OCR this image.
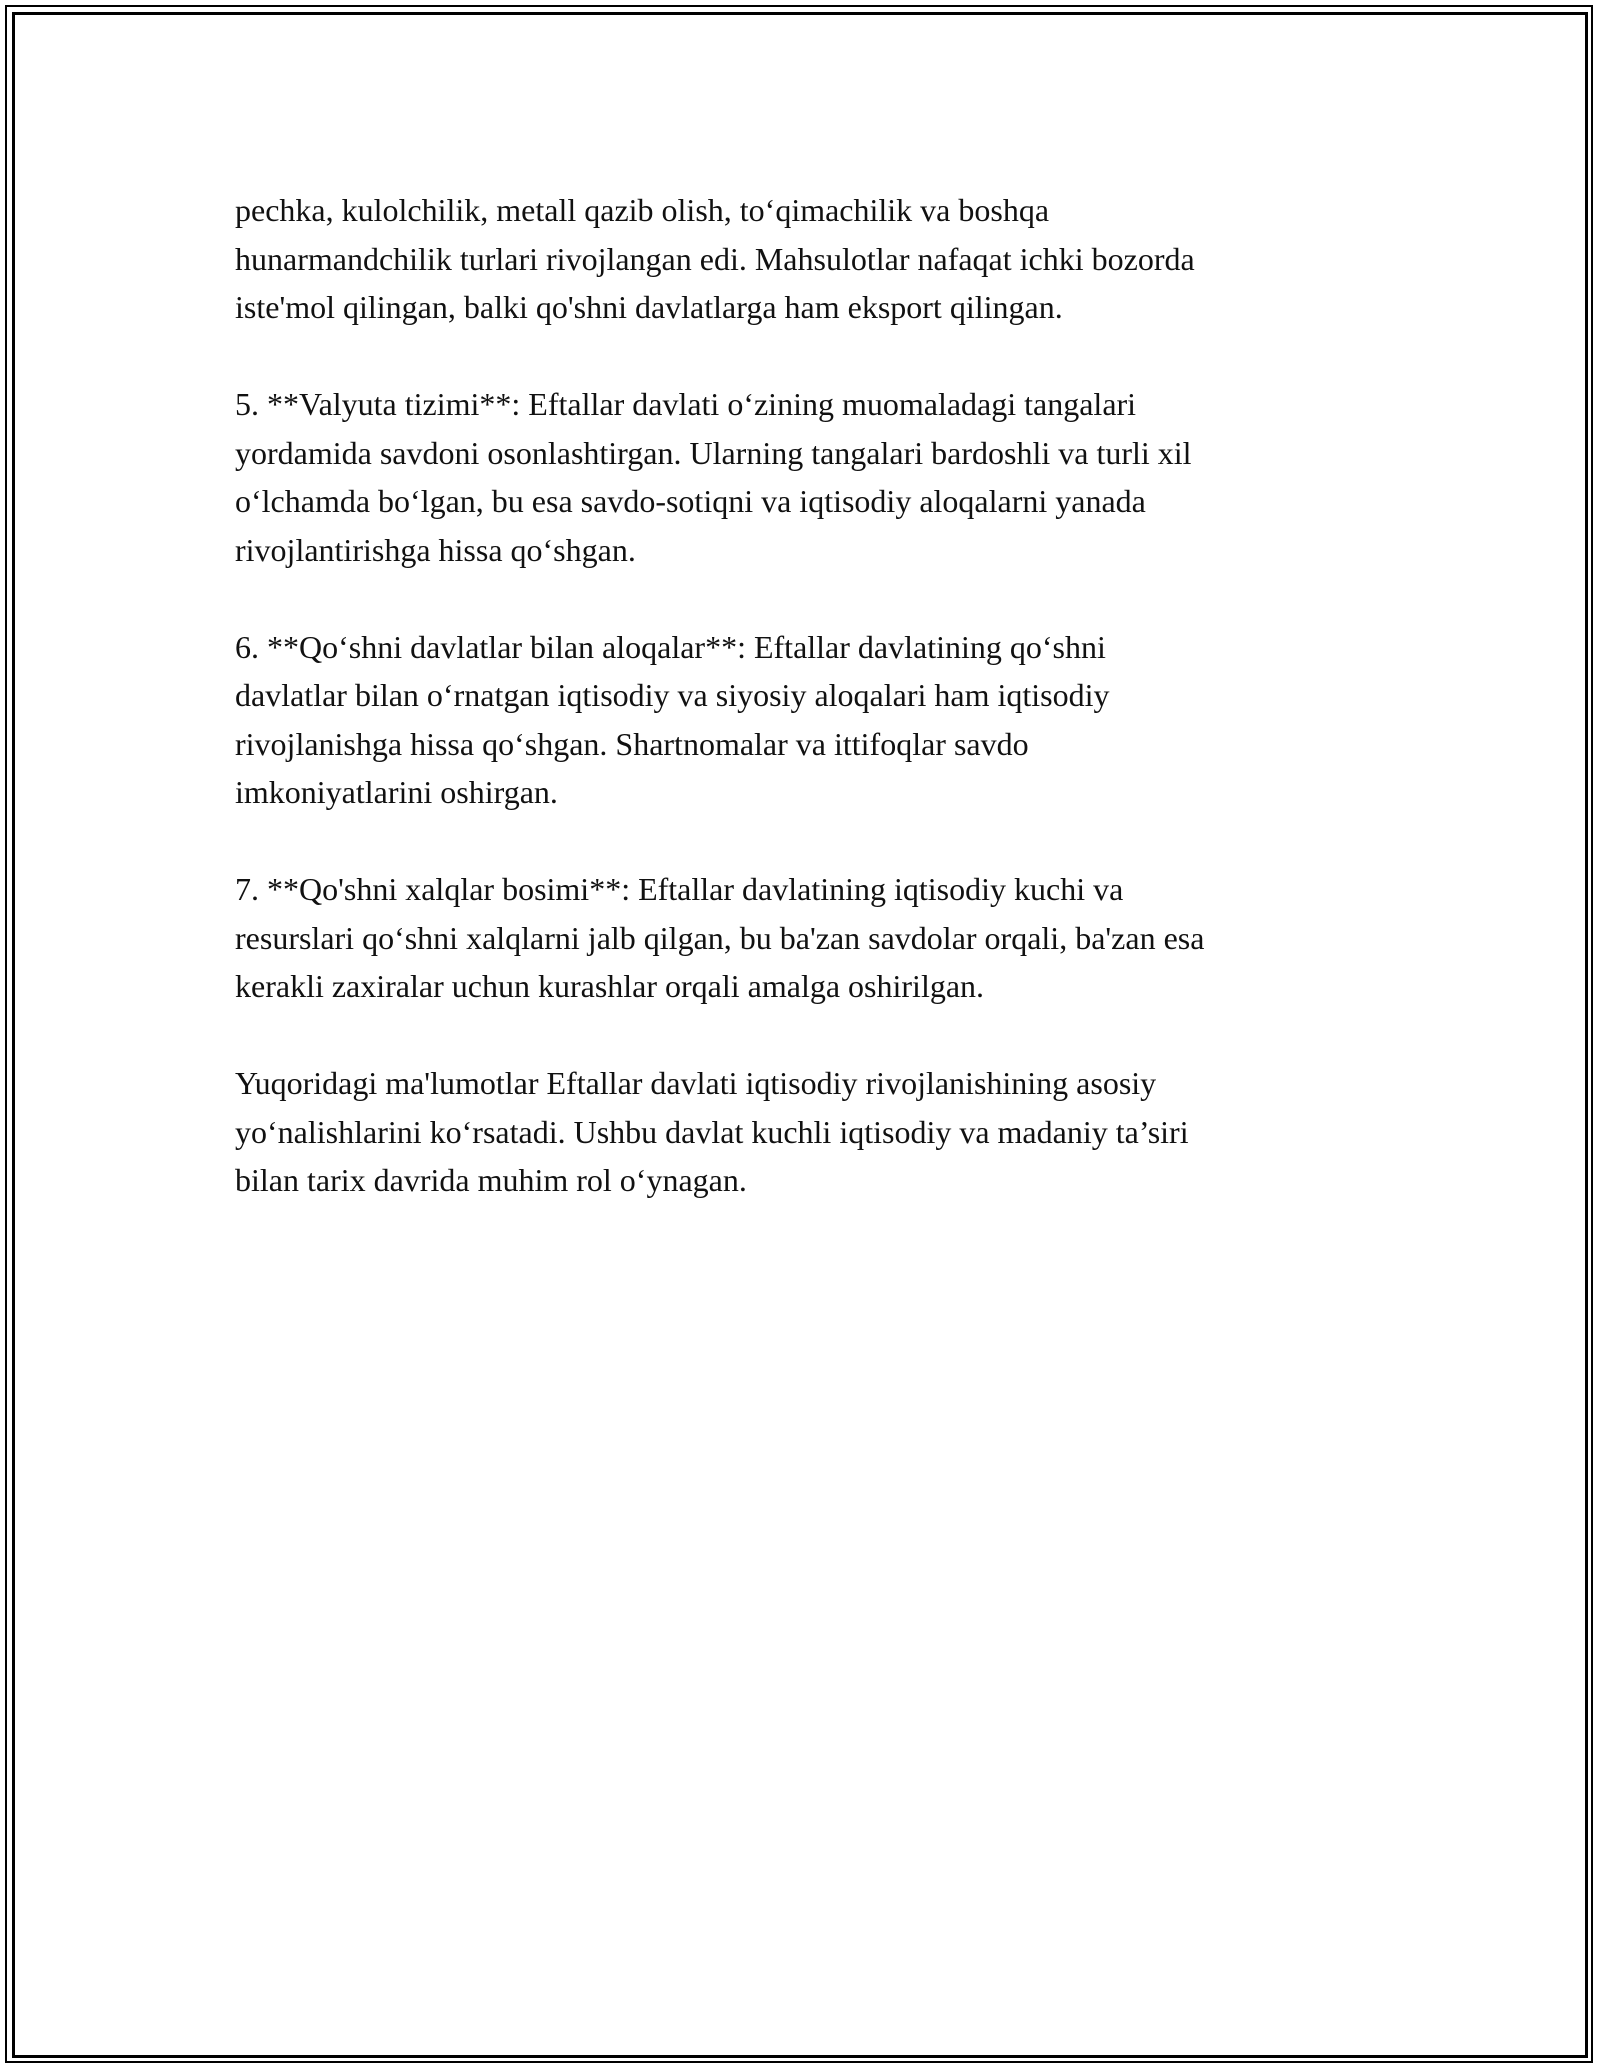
pechka, kulolchilik, metall qazib olish, to‘qimachilik va boshqa
hunarmandchilik turlari rivojlangan edi. Mahsulotlar nafaqat ichki bozorda
iste'mol qilingan, balki qo'shni davlatlarga ham eksport qilingan.

5. **Valyuta tizimi**: Eftallar davlati o‘zining muomaladagi tangalari
yordamida savdoni osonlashtirgan. Ularning tangalari bardoshli va turli xil
o‘lchamda bo‘lgan, bu esa savdo-sotiqni va iqtisodiy aloqalarni yanada
rivojlantirishga hissa qo‘shgan.

6. **Qo‘shni davlatlar bilan aloqalar**: Eftallar davlatining qo‘shni
davlatlar bilan o‘rnatgan iqtisodiy va siyosiy aloqalari ham iqtisodiy
rivojlanishga hissa qo‘shgan. Shartnomalar va ittifoqlar savdo
imkoniyatlarini oshirgan.

7. **Qo'shni xalqlar bosimi**: Eftallar davlatining iqtisodiy kuchi va
resurslari qo‘shni xalqlarni jalb qilgan, bu ba'zan savdolar orqali, ba'zan esa
kerakli zaxiralar uchun kurashlar orqali amalga oshirilgan.

Yuqoridagi ma'lumotlar Eftallar davlati iqtisodiy rivojlanishining asosiy
yo‘nalishlarini ko‘rsatadi. Ushbu davlat kuchli iqtisodiy va madaniy ta’siri
bilan tarix davrida muhim rol o‘ynagan.
